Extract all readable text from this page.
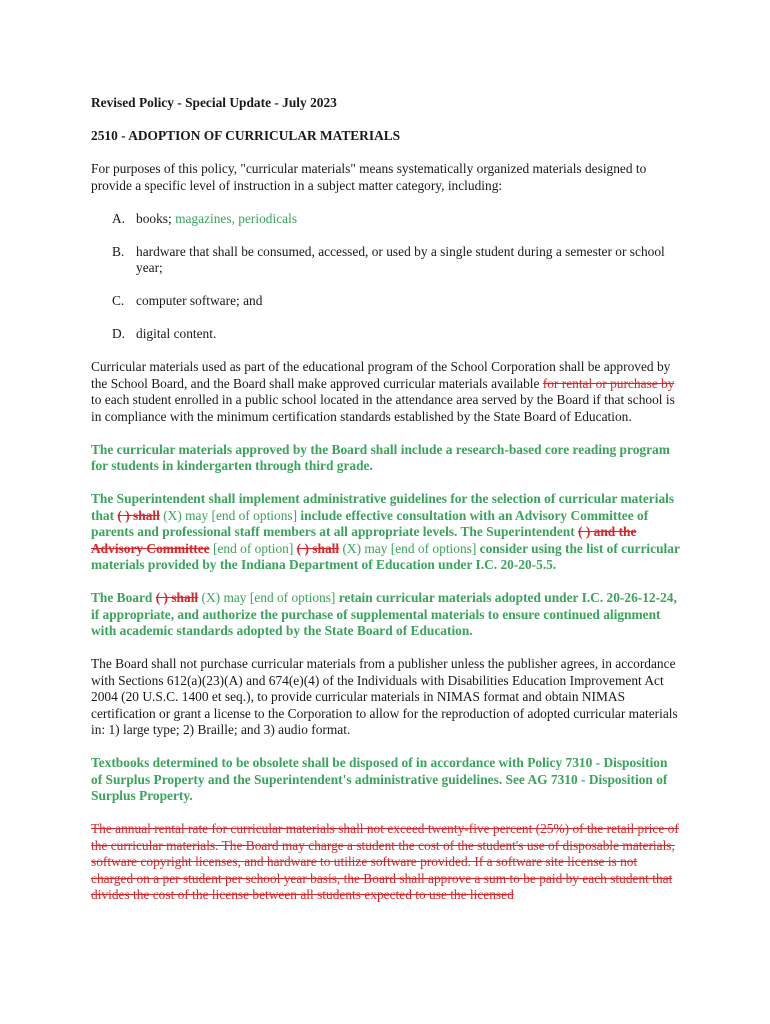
Revised Policy - Special Update - July 2023

2510 - ADOPTION OF CURRICULAR MATERIALS

For purposes of this policy, "curricular materials" means systematically organized materials designed to provide a specific level of instruction in a subject matter category, including:

A. books; magazines, periodicals
B. hardware that shall be consumed, accessed, or used by a single student during a semester or school year;
C. computer software; and
D. digital content.

Curricular materials used as part of the educational program of the School Corporation shall be approved by the School Board, and the Board shall make approved curricular materials available for rental or purchase by to each student enrolled in a public school located in the attendance area served by the Board if that school is in compliance with the minimum certification standards established by the State Board of Education.

The curricular materials approved by the Board shall include a research-based core reading program for students in kindergarten through third grade.

The Superintendent shall implement administrative guidelines for the selection of curricular materials that ( ) shall (X) may [end of options] include effective consultation with an Advisory Committee of parents and professional staff members at all appropriate levels. The Superintendent ( ) and the Advisory Committee [end of option] ( ) shall (X) may [end of options] consider using the list of curricular materials provided by the Indiana Department of Education under I.C. 20-20-5.5.

The Board ( ) shall (X) may [end of options] retain curricular materials adopted under I.C. 20-26-12-24, if appropriate, and authorize the purchase of supplemental materials to ensure continued alignment with academic standards adopted by the State Board of Education.

The Board shall not purchase curricular materials from a publisher unless the publisher agrees, in accordance with Sections 612(a)(23)(A) and 674(e)(4) of the Individuals with Disabilities Education Improvement Act 2004 (20 U.S.C. 1400 et seq.), to provide curricular materials in NIMAS format and obtain NIMAS certification or grant a license to the Corporation to allow for the reproduction of adopted curricular materials in: 1) large type; 2) Braille; and 3) audio format.

Textbooks determined to be obsolete shall be disposed of in accordance with Policy 7310 - Disposition of Surplus Property and the Superintendent's administrative guidelines. See AG 7310 - Disposition of Surplus Property.

The annual rental rate for curricular materials shall not exceed twenty-five percent (25%) of the retail price of the curricular materials. The Board may charge a student the cost of the student's use of disposable materials, software copyright licenses, and hardware to utilize software provided. If a software site license is not charged on a per student per school year basis, the Board shall approve a sum to be paid by each student that divides the cost of the license between all students expected to use the licensed
